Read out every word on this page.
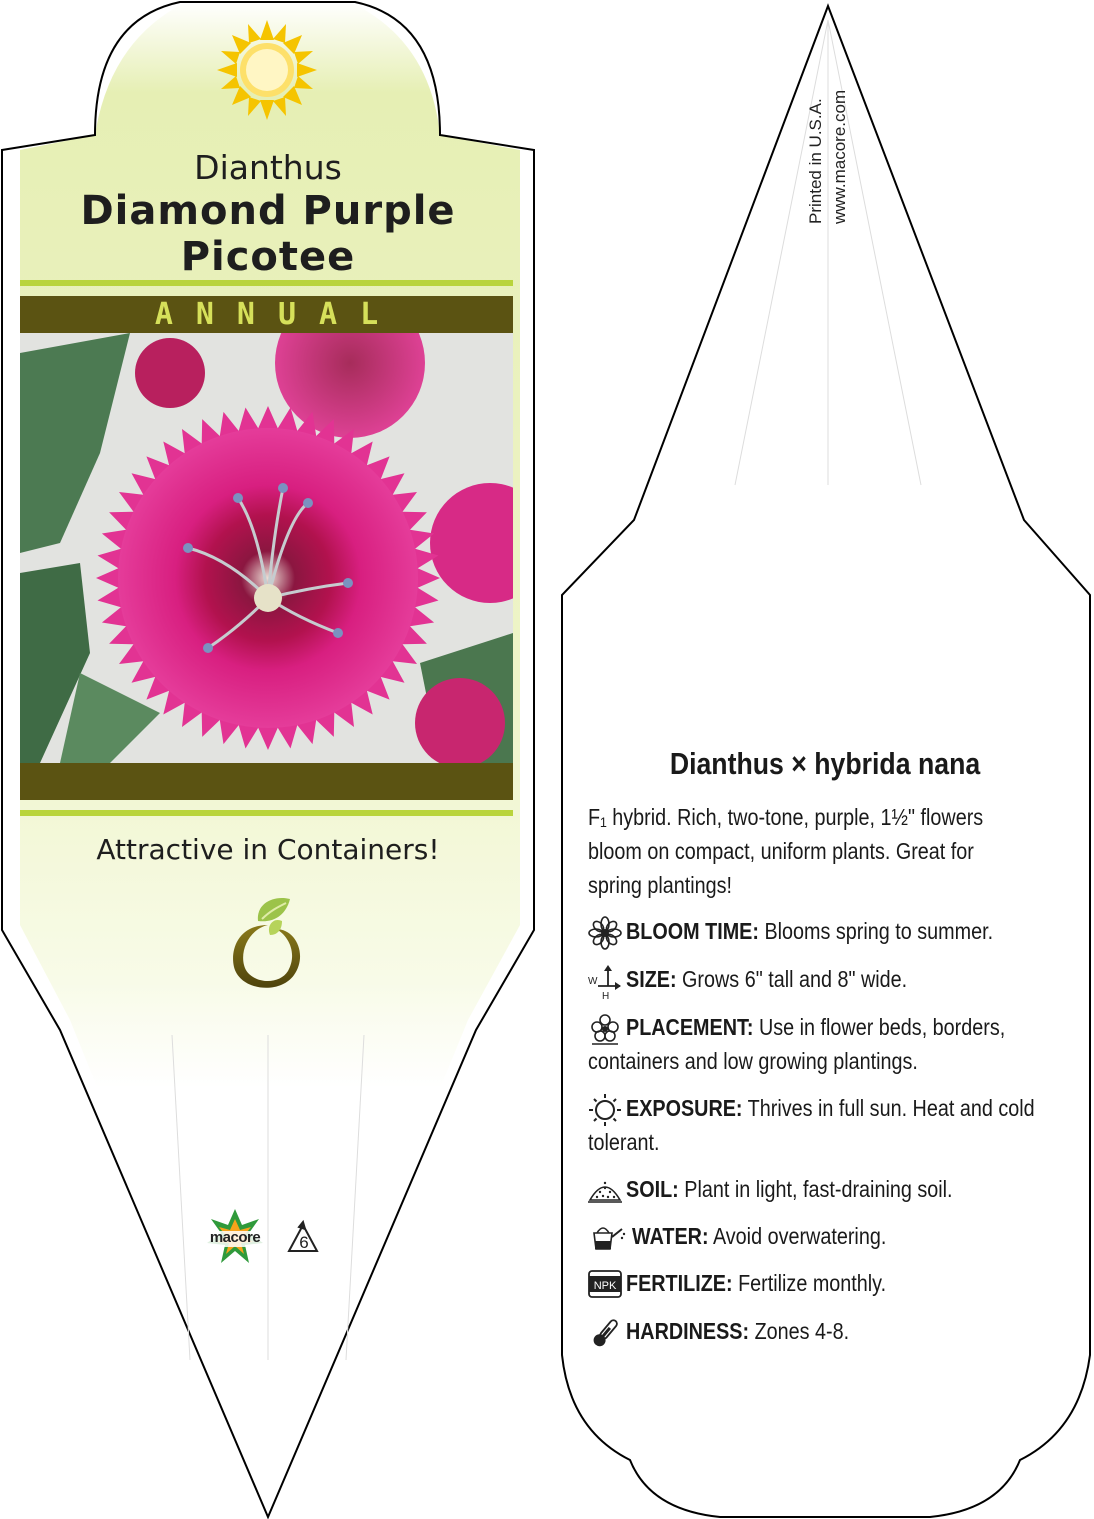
Dianthus
Diamond Purple
Picotee
ANNUAL
Attractive in Containers!
macore	6
Printed in U.S.A. www.macore.com
Dianthus × hybrida nana
F₁ hybrid. Rich, two-tone, purple, 1½" flowers
bloom on compact, uniform plants. Great for
spring plantings!
BLOOM TIME: Blooms spring to summer.
W
H
SIZE: Grows 6" tall and 8" wide.
PLACEMENT: Use in flower beds, borders,
containers and low growing plantings.
EXPOSURE: Thrives in full sun. Heat and cold
tolerant.
SOIL: Plant in light, fast-draining soil.
WATER: Avoid overwatering.
NPK FERTILIZE: Fertilize monthly.
HARDINESS: Zones 4-8.
